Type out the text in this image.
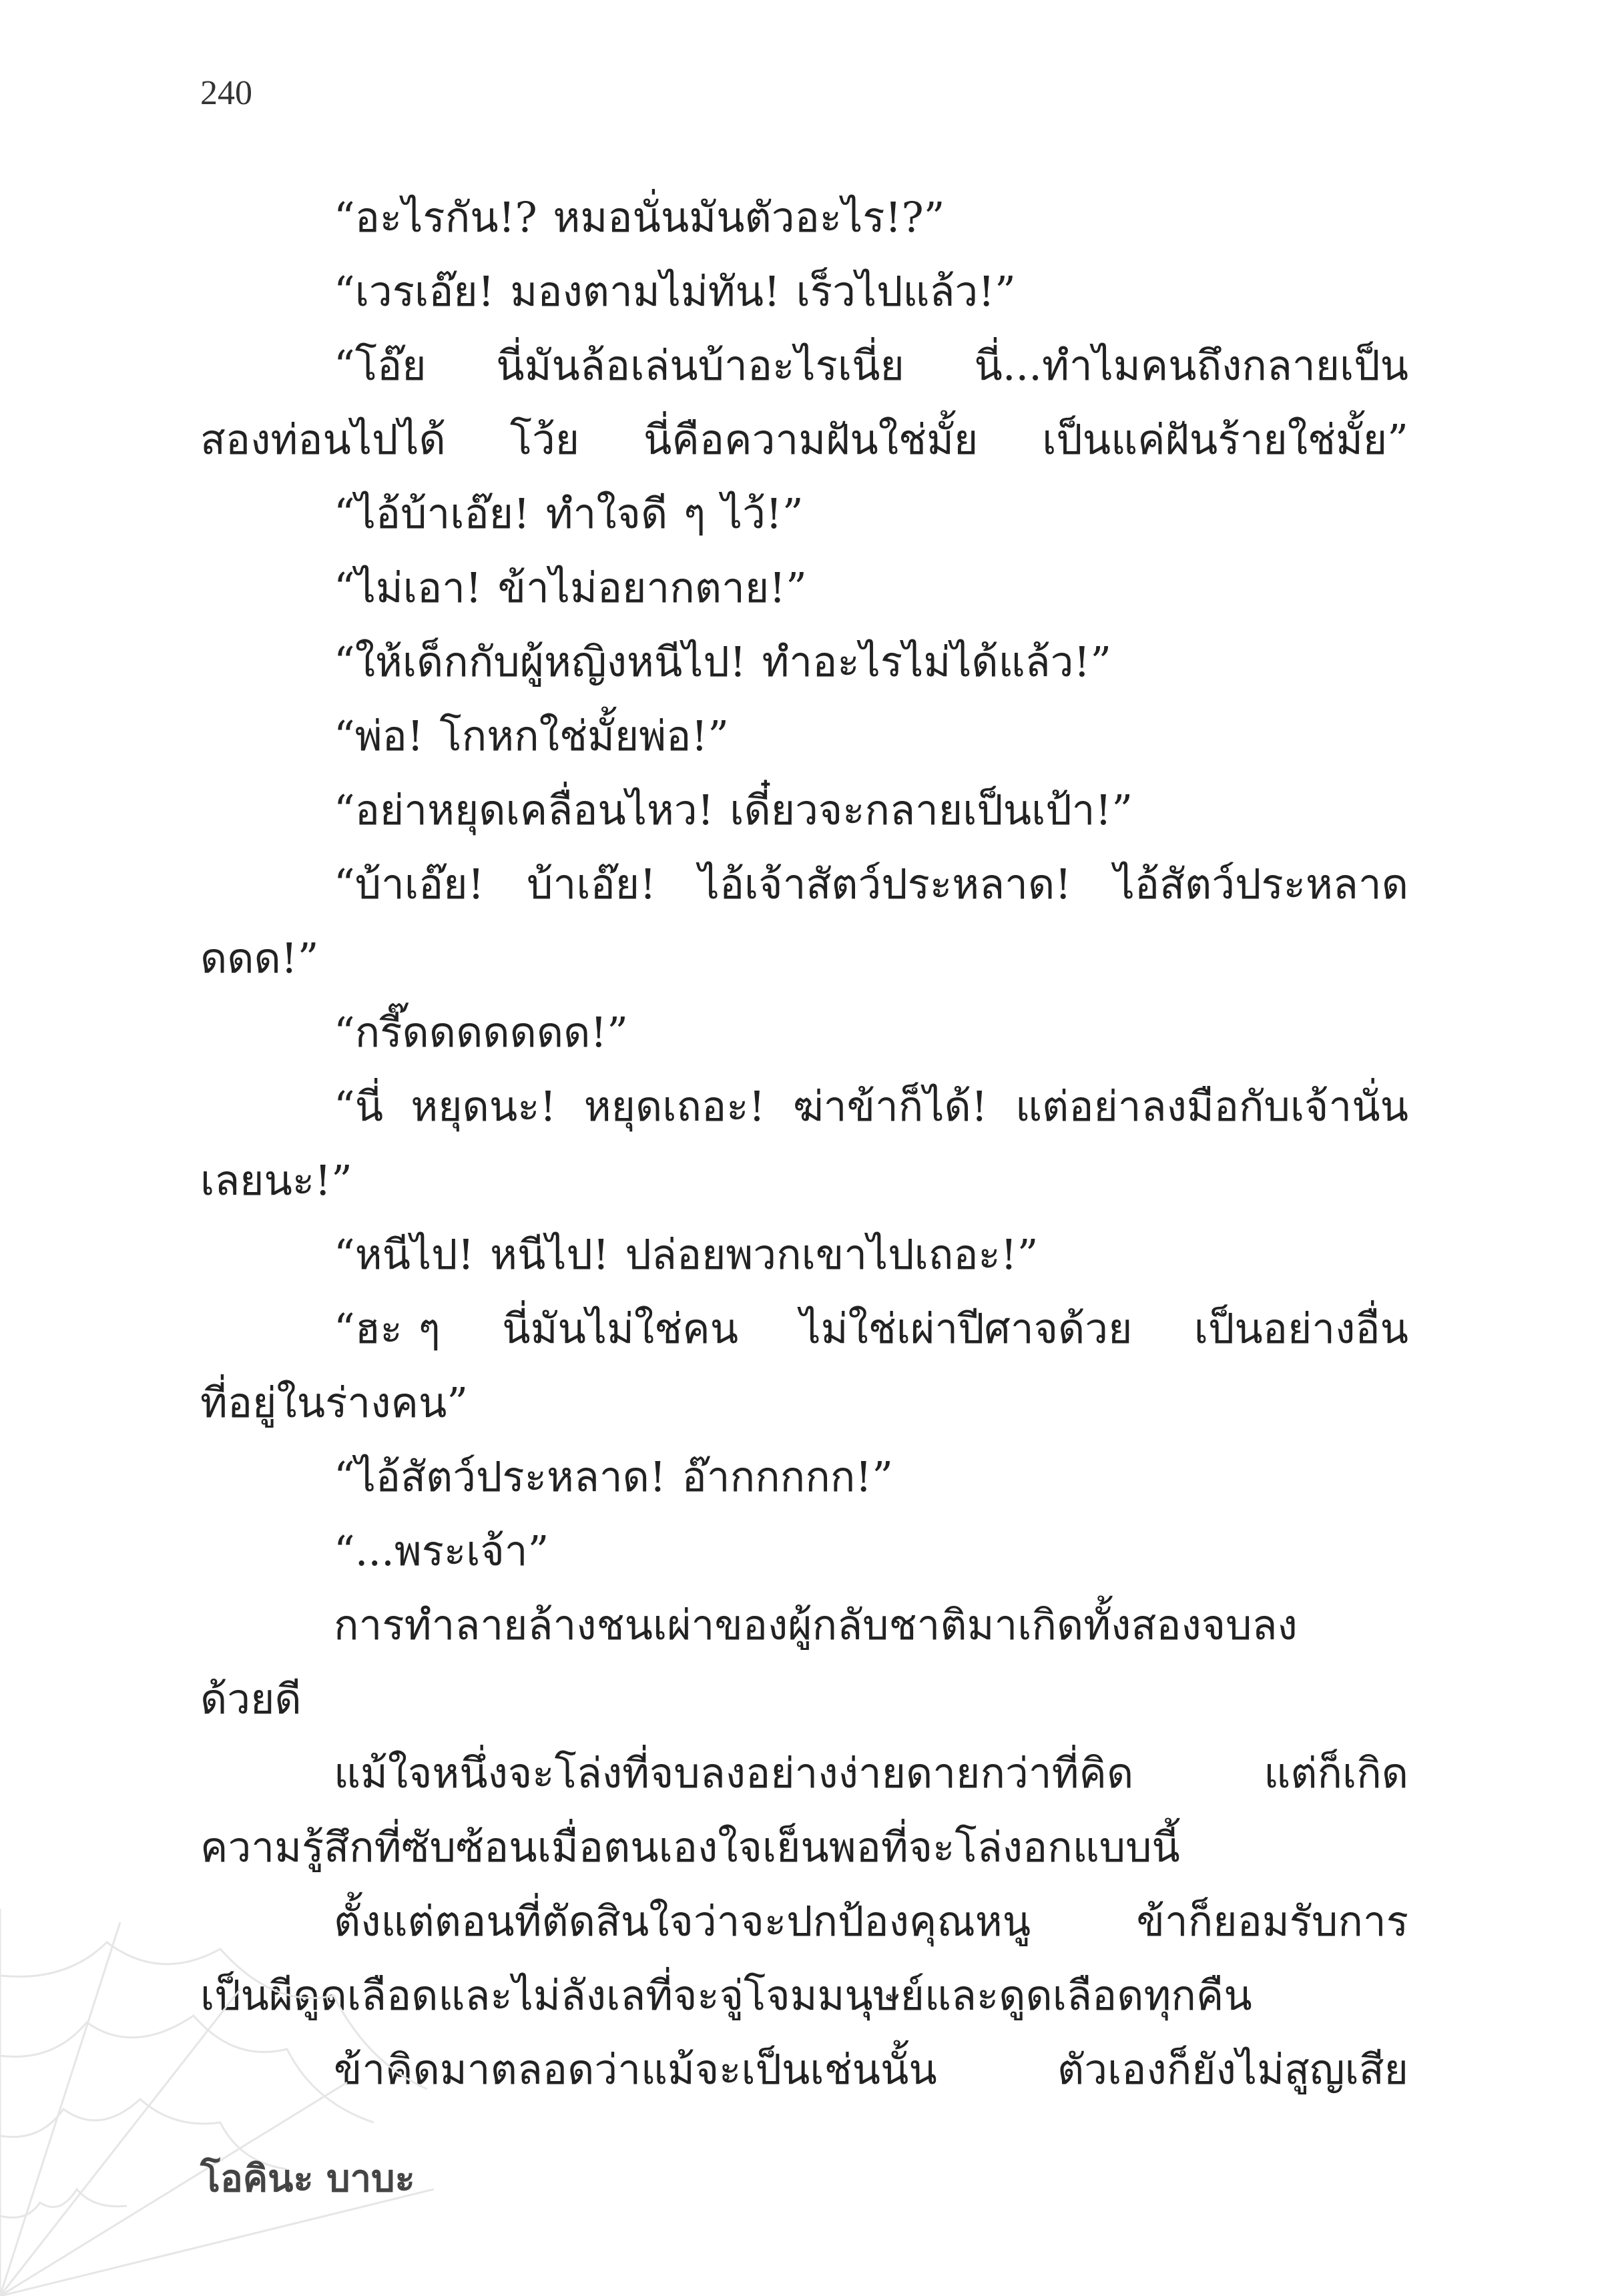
240
“อะไรกัน!? หมอนั่นมันตัวอะไร!?”
“เวรเอ๊ย! มองตามไม่ทัน! เร็วไปแล้ว!”
“โอ๊ย นี่มันล้อเล่นบ้าอะไรเนี่ย นี่...ทำไมคนถึงกลายเป็น
สองท่อนไปได้ โว้ย นี่คือความฝันใช่มั้ย เป็นแค่ฝันร้ายใช่มั้ย”
“ไอ้บ้าเอ๊ย! ทำใจดี ๆ ไว้!”
“ไม่เอา! ข้าไม่อยากตาย!”
“ให้เด็กกับผู้หญิงหนีไป! ทำอะไรไม่ได้แล้ว!”
“พ่อ! โกหกใช่มั้ยพ่อ!”
“อย่าหยุดเคลื่อนไหว! เดี๋ยวจะกลายเป็นเป้า!”
“บ้าเอ๊ย! บ้าเอ๊ย! ไอ้เจ้าสัตว์ประหลาด! ไอ้สัตว์ประหลาด
ดดด!”
“กรี๊ดดดดดดด!”
“นี่ หยุดนะ! หยุดเถอะ! ฆ่าข้าก็ได้! แต่อย่าลงมือกับเจ้านั่น
เลยนะ!”
“หนีไป! หนีไป! ปล่อยพวกเขาไปเถอะ!”
“ฮะ ๆ นี่มันไม่ใช่คน ไม่ใช่เผ่าปีศาจด้วย เป็นอย่างอื่น
ที่อยู่ในร่างคน”
“ไอ้สัตว์ประหลาด! อ๊ากกกกก!”
“...พระเจ้า”
การทำลายล้างชนเผ่าของผู้กลับชาติมาเกิดทั้งสองจบลง
ด้วยดี
แม้ใจหนึ่งจะโล่งที่จบลงอย่างง่ายดายกว่าที่คิด	แต่ก็เกิด
ความรู้สึกที่ซับซ้อนเมื่อตนเองใจเย็นพอที่จะโล่งอกแบบนี้
ตั้งแต่ตอนที่ตัดสินใจว่าจะปกป้องคุณหนู	ข้าก็ยอมรับการ
เป็นผีดูดเลือดและไม่ลังเลที่จะจู่โจมมนุษย์และดูดเลือดทุกคืน
ข้าคิดมาตลอดว่าแม้จะเป็นเช่นนั้น	ตัวเองก็ยังไม่สูญเสีย
โอคินะ บาบะ
